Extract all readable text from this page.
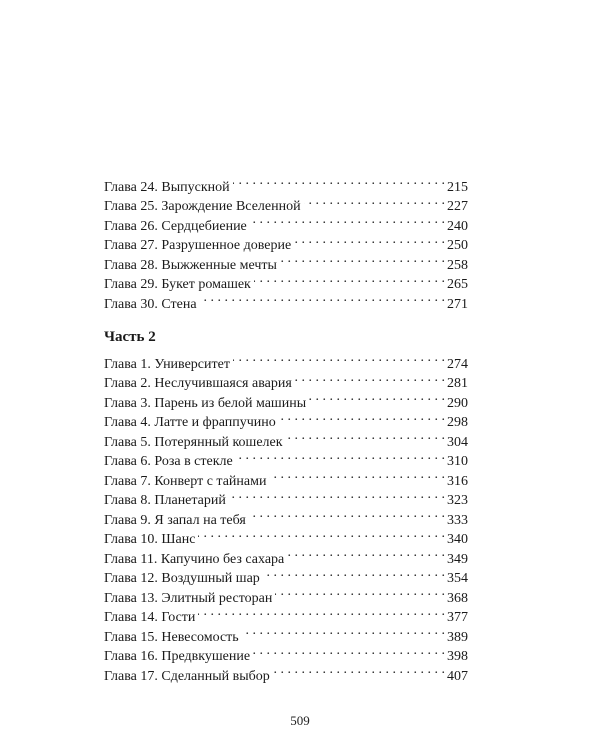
Глава 24. Выпускной . . .	215
Глава 25. Зарождение Вселенной . . .	227
Глава 26. Сердцебиение . . .	240
Глава 27. Разрушенное доверие . . .	250
Глава 28. Выжженные мечты . . .	258
Глава 29. Букет ромашек . . .	265
Глава 30. Стена . . .	271
Часть 2
Глава 1. Университет . . .	274
Глава 2. Неслучившаяся авария . . .	281
Глава 3. Парень из белой машины . . .	290
Глава 4. Латте и фраппучино . . .	298
Глава 5. Потерянный кошелек . . .	304
Глава 6. Роза в стекле . . .	310
Глава 7. Конверт с тайнами . . .	316
Глава 8. Планетарий . . .	323
Глава 9. Я запал на тебя . . .	333
Глава 10. Шанс . . .	340
Глава 11. Капучино без сахара . . .	349
Глава 12. Воздушный шар . . .	354
Глава 13. Элитный ресторан . . .	368
Глава 14. Гости . . .	377
Глава 15. Невесомость . . .	389
Глава 16. Предвкушение . . .	398
Глава 17. Сделанный выбор . . .	407
509
